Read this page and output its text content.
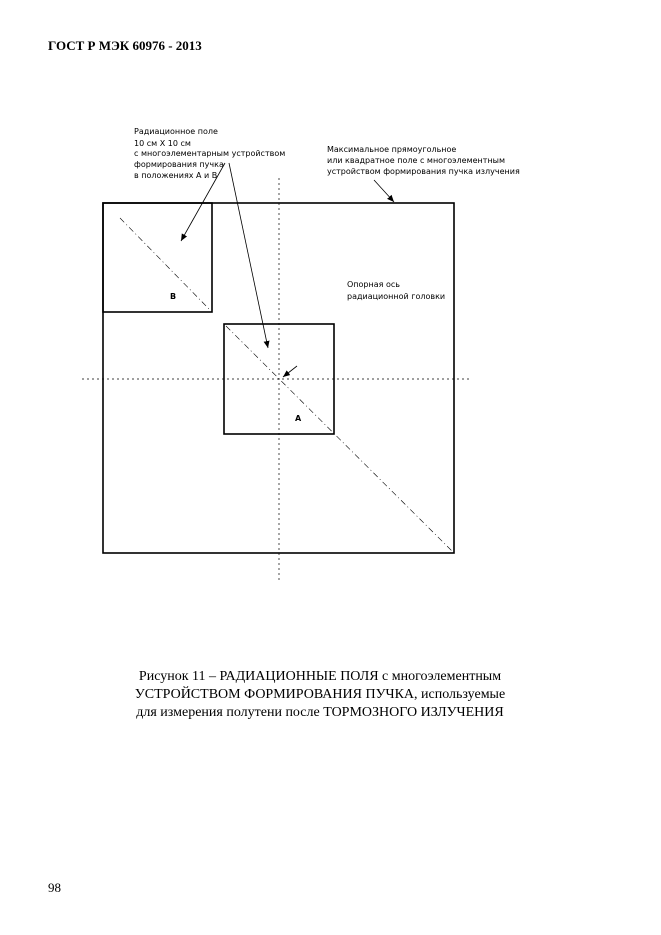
ГОСТ Р МЭК 60976 - 2013
Радиационное поле 10 см X 10 см с многоэлементарным устройством формирования пучка в положениях A и B
Максимальное прямоугольное или квадратное поле с многоэлементным устройством формирования пучка излучения
Опорная ось радиационной головки
B
A
Рисунок 11 – РАДИАЦИОННЫЕ ПОЛЯ с многоэлементным
УСТРОЙСТВОМ ФОРМИРОВАНИЯ ПУЧКА, используемые
для измерения полутени после ТОРМОЗНОГО ИЗЛУЧЕНИЯ
98
